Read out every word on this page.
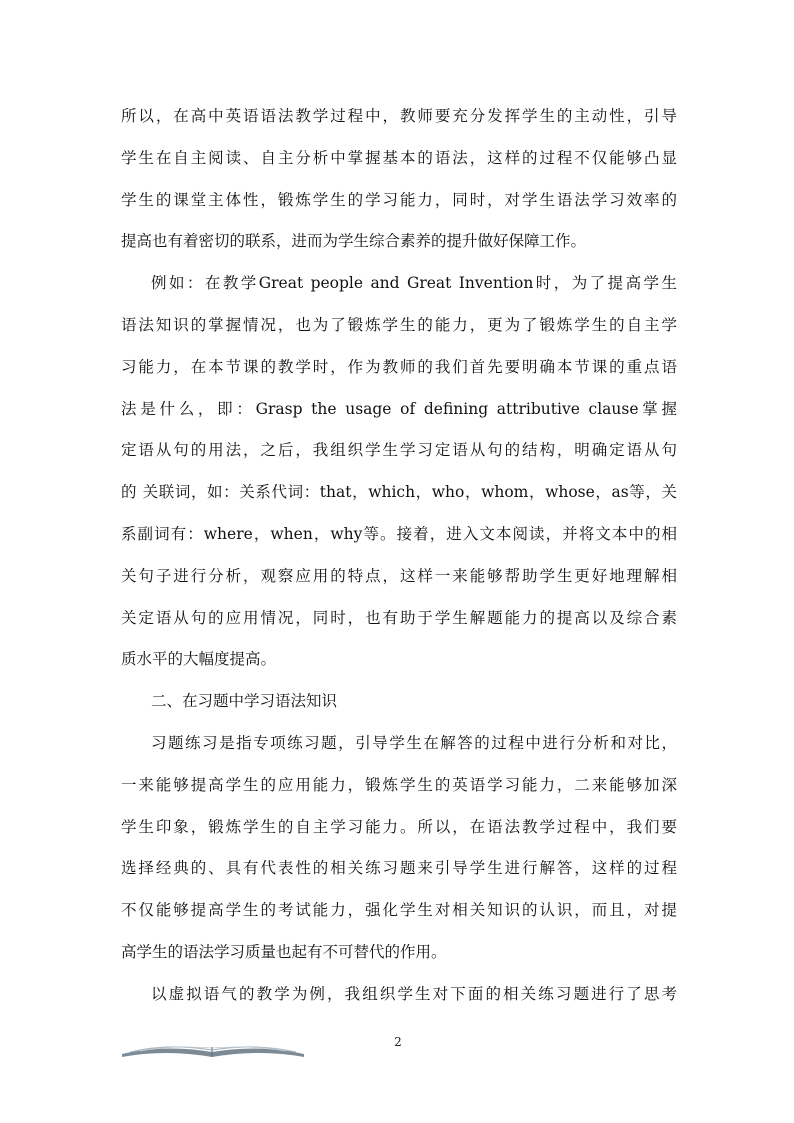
所以，在高中英语语法教学过程中，教师要充分发挥学生的主动性，引导
学生在自主阅读、自主分析中掌握基本的语法，这样的过程不仅能够凸显
学生的课堂主体性，锻炼学生的学习能力，同时，对学生语法学习效率的
提高也有着密切的联系，进而为学生综合素养的提升做好保障工作。
例如：在教学Great people and Great Invention时，为了提高学生
语法知识的掌握情况，也为了锻炼学生的能力，更为了锻炼学生的自主学
习能力，在本节课的教学时，作为教师的我们首先要明确本节课的重点语
法是什么，即：Grasp the usage of defining attributive clause掌握
定语从句的用法，之后，我组织学生学习定语从句的结构，明确定语从句
的 关联词，如：关系代词：that，which，who，whom，whose，as等，关
系副词有：where，when，why等。接着，进入文本阅读，并将文本中的相
关句子进行分析，观察应用的特点，这样一来能够帮助学生更好地理解相
关定语从句的应用情况，同时，也有助于学生解题能力的提高以及综合素
质水平的大幅度提高。
二、在习题中学习语法知识
习题练习是指专项练习题，引导学生在解答的过程中进行分析和对比，
一来能够提高学生的应用能力，锻炼学生的英语学习能力，二来能够加深
学生印象，锻炼学生的自主学习能力。所以，在语法教学过程中，我们要
选择经典的、具有代表性的相关练习题来引导学生进行解答，这样的过程
不仅能够提高学生的考试能力，强化学生对相关知识的认识，而且，对提
高学生的语法学习质量也起有不可替代的作用。
以虚拟语气的教学为例，我组织学生对下面的相关练习题进行了思考
2
